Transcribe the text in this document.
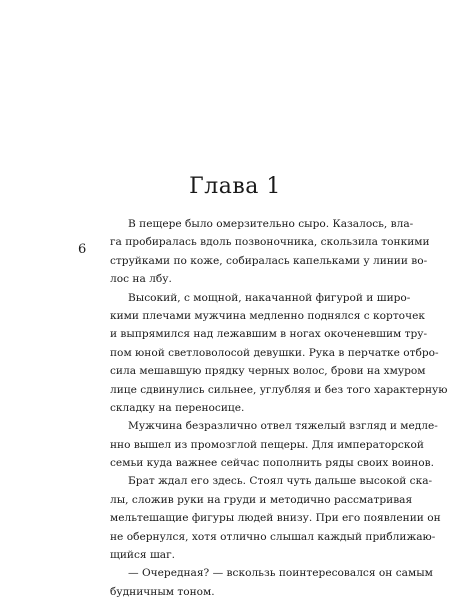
Глава 1
6
В пещере было омерзительно сыро. Казалось, вла-
га пробиралась вдоль позвоночника, скользила тонкими
струйками по коже, собиралась капельками у линии во-
лос на лбу.
Высокий, с мощной, накачанной фигурой и широ-
кими плечами мужчина медленно поднялся с корточек
и выпрямился над лежавшим в ногах окоченевшим тру-
пом юной светловолосой девушки. Рука в перчатке отбро-
сила мешавшую прядку черных волос, брови на хмуром
лице сдвинулись сильнее, углубляя и без того характерную
складку на переносице.
Мужчина безразлично отвел тяжелый взгляд и медле-
нно вышел из промозглой пещеры. Для императорской
семьи куда важнее сейчас пополнить ряды своих воинов.
Брат ждал его здесь. Стоял чуть дальше высокой ска-
лы, сложив руки на груди и методично рассматривая
мельтешащие фигуры людей внизу. При его появлении он
не обернулся, хотя отлично слышал каждый приближаю-
щийся шаг.
— Очередная? — вскользь поинтересовался он самым
будничным тоном.
